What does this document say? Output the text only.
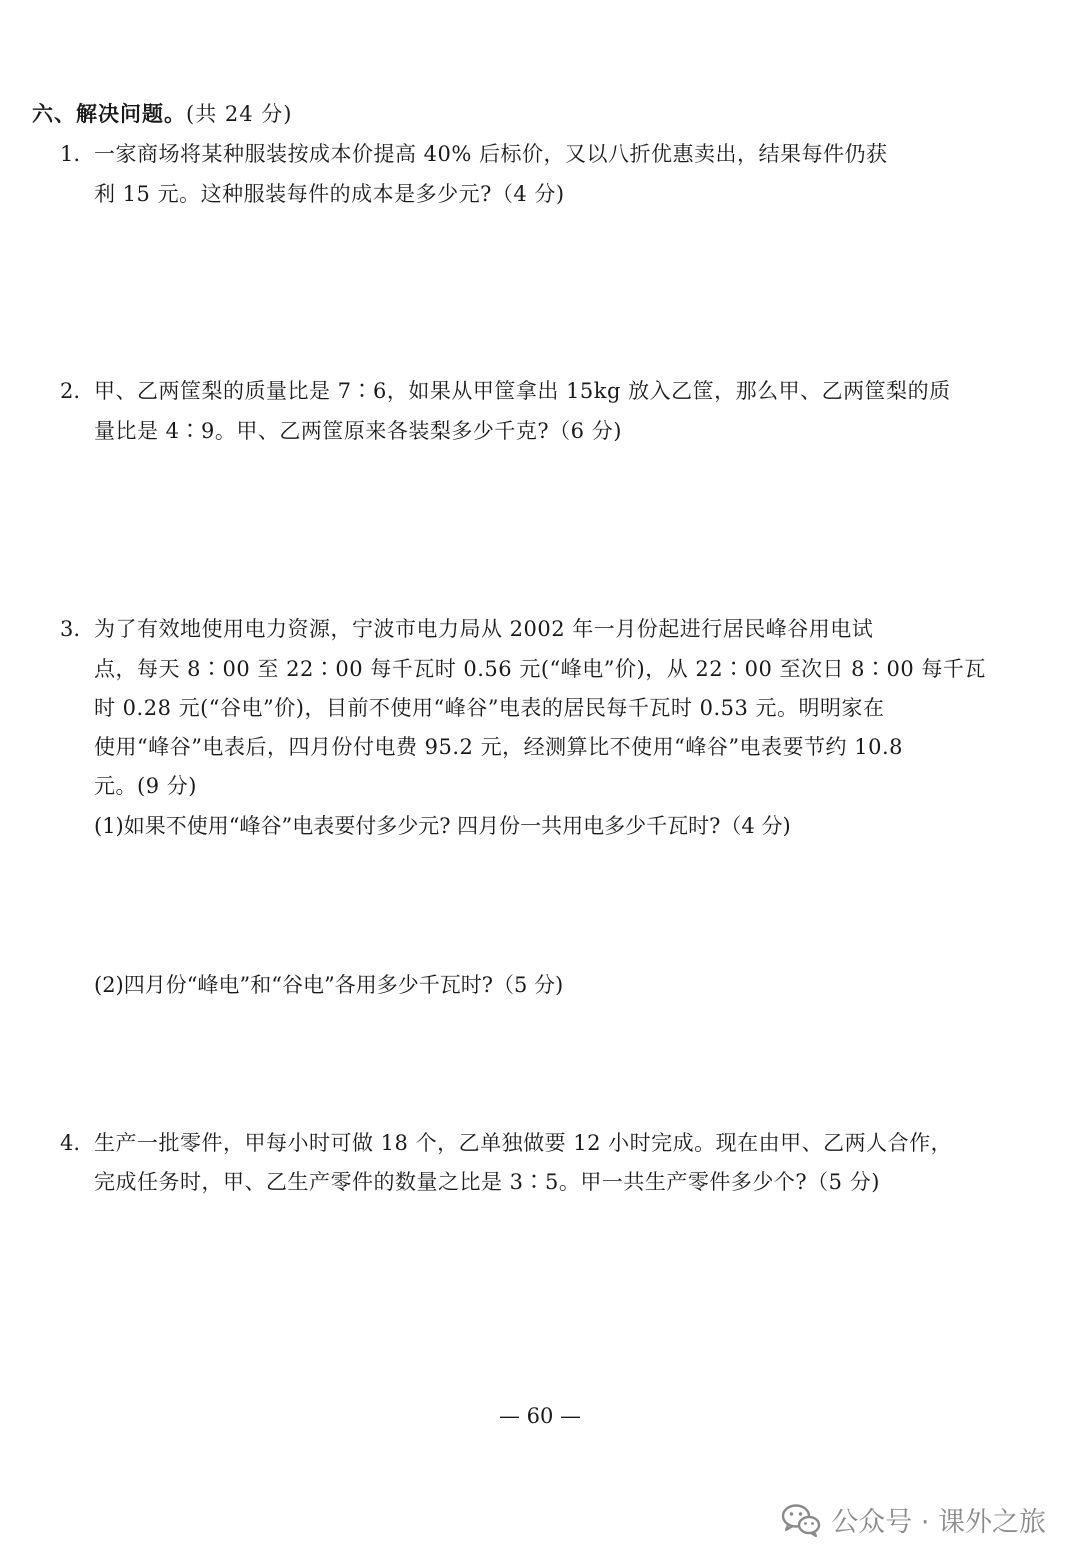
六、解决问题。(共 24 分)
1. 一家商场将某种服装按成本价提高 40% 后标价，又以八折优惠卖出，结果每件仍获
利 15 元。这种服装每件的成本是多少元?（4 分)
2. 甲、乙两筐梨的质量比是 7∶6，如果从甲筐拿出 15kg 放入乙筐，那么甲、乙两筐梨的质
量比是 4∶9。甲、乙两筐原来各装梨多少千克?（6 分)
3. 为了有效地使用电力资源，宁波市电力局从 2002 年一月份起进行居民峰谷用电试
点，每天 8∶00 至 22∶00 每千瓦时 0.56 元(“峰电”价)，从 22∶00 至次日 8∶00 每千瓦
时 0.28 元(“谷电”价)，目前不使用“峰谷”电表的居民每千瓦时 0.53 元。明明家在
使用“峰谷”电表后，四月份付电费 95.2 元，经测算比不使用“峰谷”电表要节约 10.8
元。(9 分)
(1)如果不使用“峰谷”电表要付多少元? 四月份一共用电多少千瓦时?（4 分)
(2)四月份“峰电”和“谷电”各用多少千瓦时?（5 分)
4. 生产一批零件，甲每小时可做 18 个，乙单独做要 12 小时完成。现在由甲、乙两人合作，
完成任务时，甲、乙生产零件的数量之比是 3∶5。甲一共生产零件多少个?（5 分)
— 60 —
公众号 · 课外之旅
